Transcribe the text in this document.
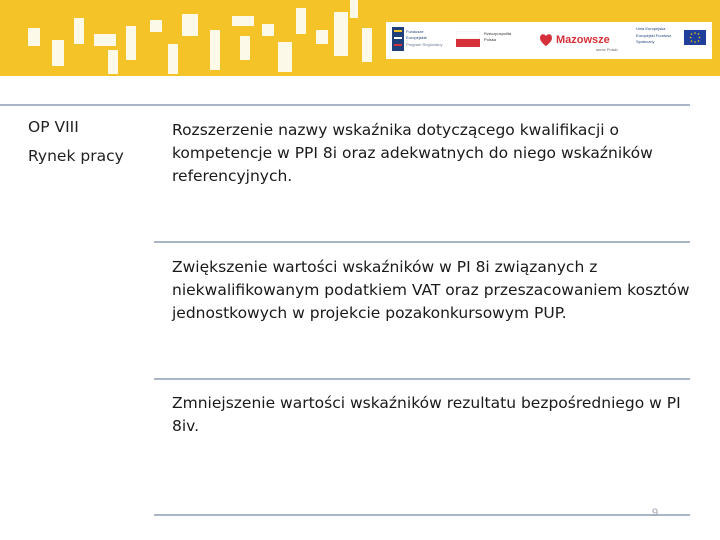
Fundusze
Europejskie
Program Regionalny
Rzeczpospolita
Polska	Mazowsze
serce Polski
Unia Europejska
Europejski Fundusz
Społeczny
OP VIII
Rynek pracy
Rozszerzenie nazwy wskaźnika dotyczącego kwalifikacji o kompetencje w PPI 8i oraz adekwatnych do niego wskaźników referencyjnych.
Zwiększenie wartości wskaźników w PI 8i związanych z niekwalifikowanym podatkiem VAT oraz przeszacowaniem kosztów jednostkowych w projekcie pozakonkursowym PUP.
Zmniejszenie wartości wskaźników rezultatu bezpośredniego w PI 8iv.
9
